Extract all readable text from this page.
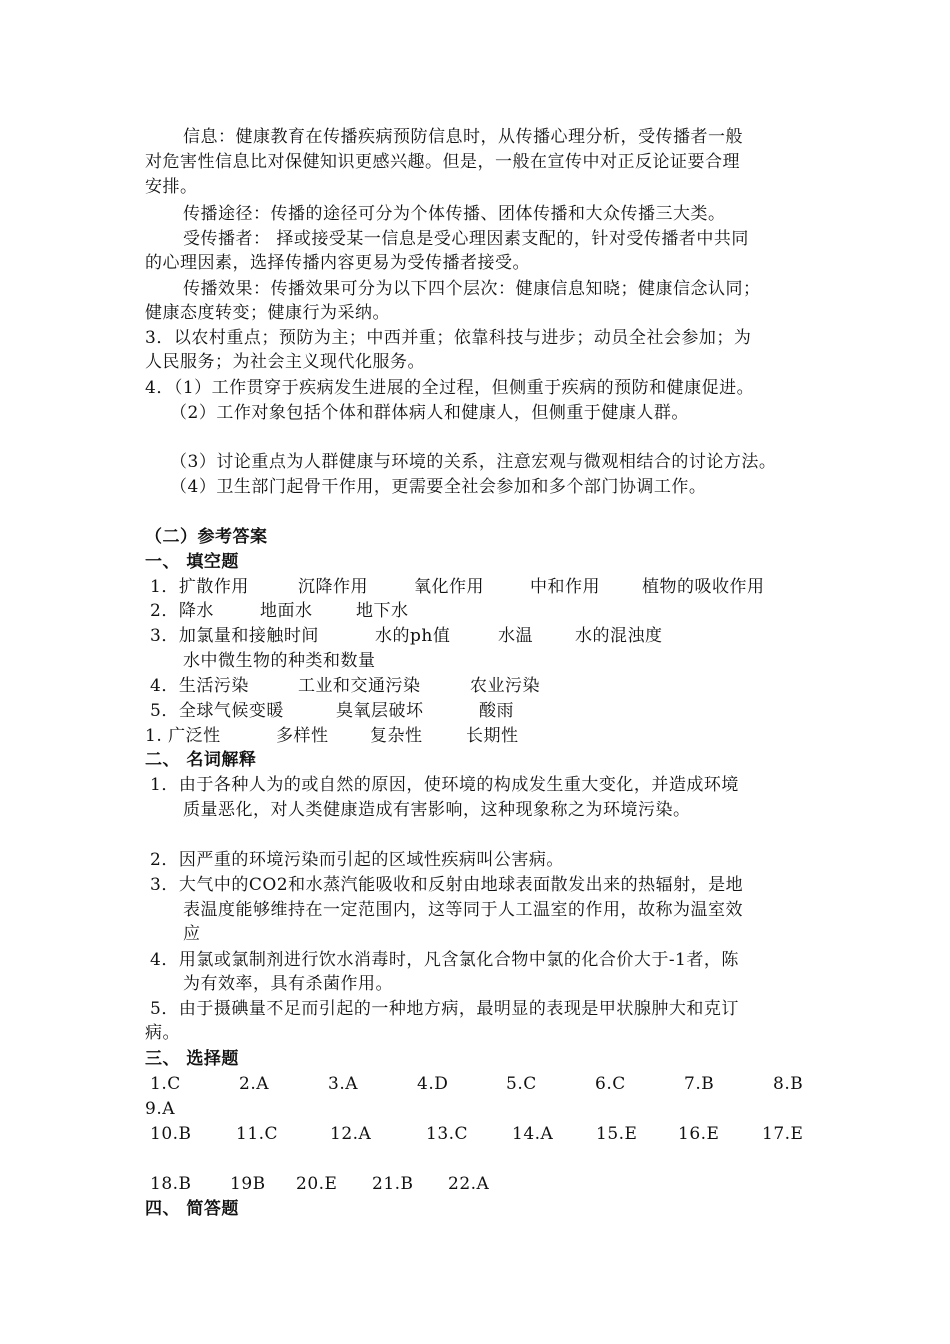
信息：健康教育在传播疾病预防信息时，从传播心理分析，受传播者一般
对危害性信息比对保健知识更感兴趣。但是，一般在宣传中对正反论证要合理
安排。
传播途径：传播的途径可分为个体传播、团体传播和大众传播三大类。
受传播者： 择或接受某一信息是受心理因素支配的，针对受传播者中共同
的心理因素，选择传播内容更易为受传播者接受。
传播效果：传播效果可分为以下四个层次：健康信息知晓；健康信念认同；
健康态度转变；健康行为采纳。
3．以农村重点；预防为主；中西并重；依靠科技与进步；动员全社会参加；为
人民服务；为社会主义现代化服务。
4．（1）工作贯穿于疾病发生进展的全过程，但侧重于疾病的预防和健康促进。
（2）工作对象包括个体和群体病人和健康人，但侧重于健康人群。
（3）讨论重点为人群健康与环境的关系，注意宏观与微观相结合的讨论方法。
（4）卫生部门起骨干作用，更需要全社会参加和多个部门协调工作。
（二）参考答案
一、 填空题
1．扩散作用	沉降作用	氧化作用	中和作用 植物的吸收作用
2．降水	地面水	地下水
3．加氯量和接触时间	水的ph值	水温 水的混浊度
水中微生物的种类和数量
4．生活污染	工业和交通污染	农业污染
5．全球气候变暖	臭氧层破坏	酸雨
1. 广泛性	多样性 复杂性	长期性
二、 名词解释
1．由于各种人为的或自然的原因，使环境的构成发生重大变化，并造成环境
质量恶化，对人类健康造成有害影响，这种现象称之为环境污染。
2．因严重的环境污染而引起的区域性疾病叫公害病。
3．大气中的CO2和水蒸汽能吸收和反射由地球表面散发出来的热辐射，是地
表温度能够维持在一定范围内，这等同于人工温室的作用，故称为温室效
应
4．用氯或氯制剂进行饮水消毒时，凡含氯化合物中氯的化合价大于-1者，陈
为有效率，具有杀菌作用。
5．由于摄碘量不足而引起的一种地方病，最明显的表现是甲状腺肿大和克订
病。
三、 选择题
1.C	2.A	3.A	4.D	5.C	6.C	7.B	8.B
9.A
10.B	11.C	12.A	13.C	14.A	15.E 16.E	17.E
18.B 19B 20.E 21.B 22.A
四、 简答题
